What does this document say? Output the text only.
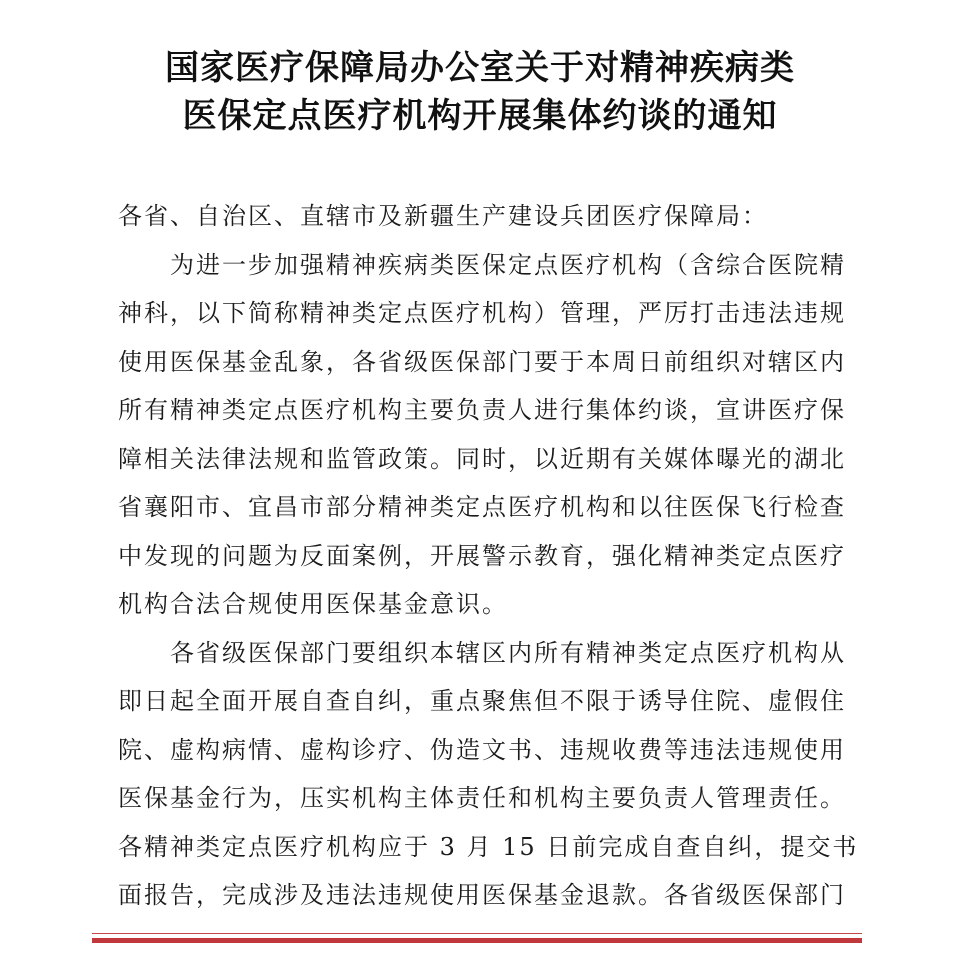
国家医疗保障局办公室关于对精神疾病类
医保定点医疗机构开展集体约谈的通知
各省、自治区、直辖市及新疆生产建设兵团医疗保障局：
为进一步加强精神疾病类医保定点医疗机构（含综合医院精
神科，以下简称精神类定点医疗机构）管理，严厉打击违法违规
使用医保基金乱象，各省级医保部门要于本周日前组织对辖区内
所有精神类定点医疗机构主要负责人进行集体约谈，宣讲医疗保
障相关法律法规和监管政策。同时，以近期有关媒体曝光的湖北
省襄阳市、宜昌市部分精神类定点医疗机构和以往医保飞行检查
中发现的问题为反面案例，开展警示教育，强化精神类定点医疗
机构合法合规使用医保基金意识。
各省级医保部门要组织本辖区内所有精神类定点医疗机构从
即日起全面开展自查自纠，重点聚焦但不限于诱导住院、虚假住
院、虚构病情、虚构诊疗、伪造文书、违规收费等违法违规使用
医保基金行为，压实机构主体责任和机构主要负责人管理责任。
各精神类定点医疗机构应于 3 月 15 日前完成自查自纠，提交书
面报告，完成涉及违法违规使用医保基金退款。各省级医保部门
